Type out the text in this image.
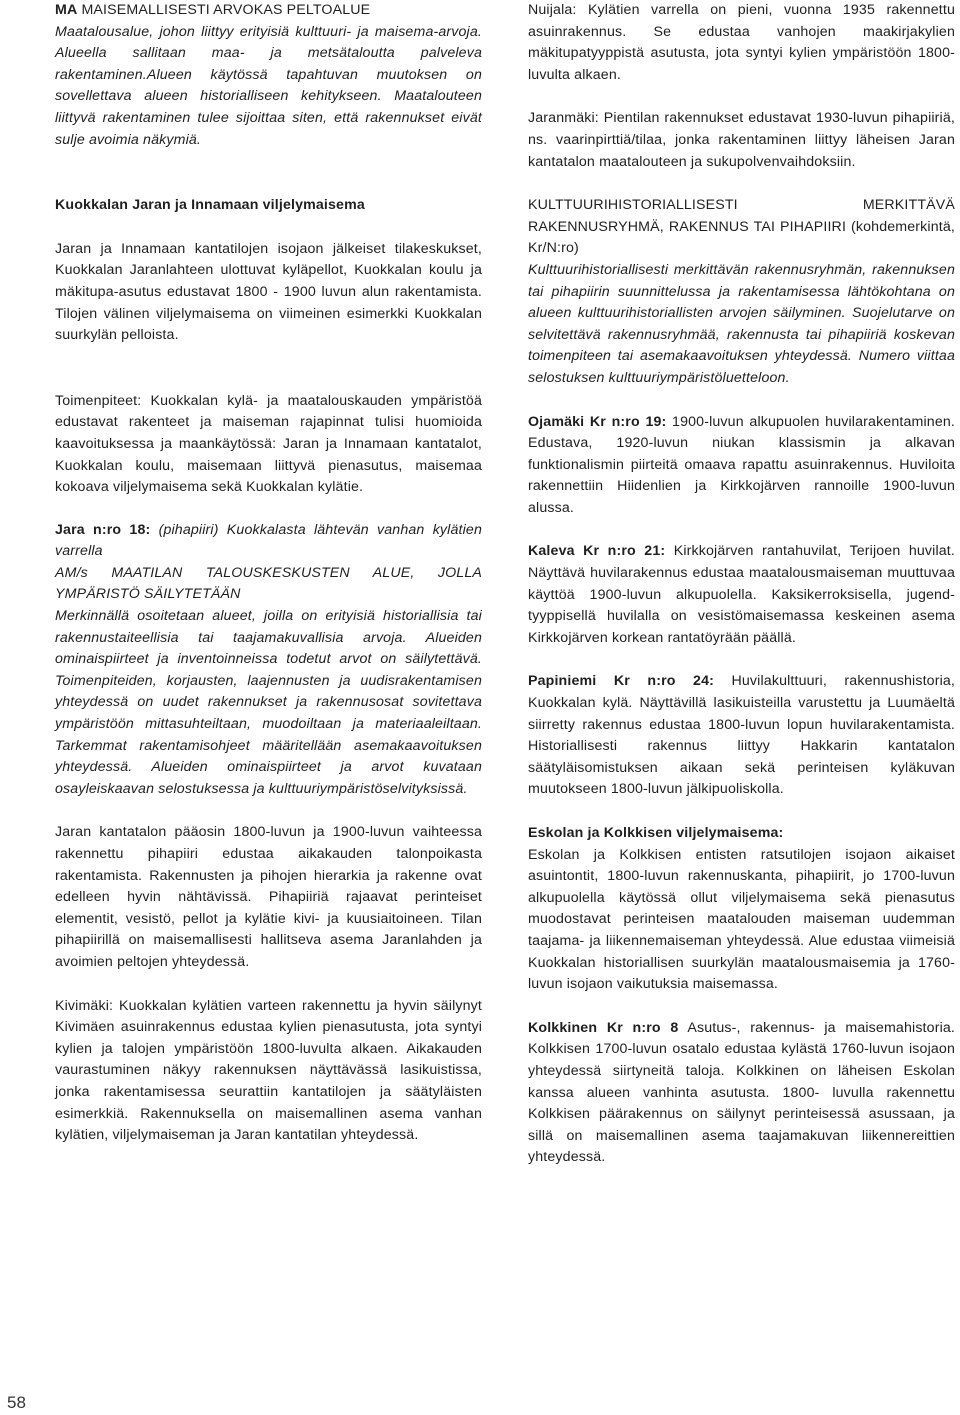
MA MAISEMALLISESTI ARVOKAS PELTOALUE
Maatalousalue, johon liittyy erityisiä kulttuuri- ja maisema-arvoja. Alueella sallitaan maa- ja metsätaloutta palveleva rakentaminen.Alueen käytössä tapahtuvan muutoksen on sovellettava alueen historialliseen kehitykseen. Maatalouteen liittyvä rakentaminen tulee sijoittaa siten, että rakennukset eivät sulje avoimia näkymiä.

Kuokkalan Jaran ja Innamaan viljelymaisema

Jaran ja Innamaan kantatilojen isojaon jälkeiset tilakeskukset, Kuokkalan Jaranlahteen ulottuvat kyläpellot, Kuokkalan koulu ja mäkitupa-asutus edustavat 1800 - 1900 luvun alun rakentamista. Tilojen välinen viljelymaisema on viimeinen esimerkki Kuokkalan suurkylän pelloista.

Toimenpiteet: Kuokkalan kylä- ja maatalouskauden ympäristöä edustavat rakenteet ja maiseman rajapinnat tulisi huomioida kaavoituksessa ja maankäytössä: Jaran ja Innamaan kantatalot, Kuokkalan koulu, maisemaan liittyvä pienasutus, maisemaa kokoava viljelymaisema sekä Kuokkalan kylätie.

Jara n:ro 18: (pihapiiri) Kuokkalasta lähtevän vanhan kylätien varrella
AM/s MAATILAN TALOUSKESKUSTEN ALUE, JOLLA YMPÄRISTÖ SÄILYTETÄÄN
Merkinnällä osoitetaan alueet, joilla on erityisiä historiallisia tai rakennustaiteellisia tai taajamakuvallisia arvoja. Alueiden ominaispiirteet ja inventoinneissa todetut arvot on säilytettävä. Toimenpiteiden, korjausten, laajennusten ja uudisrakentamisen yhteydessä on uudet rakennukset ja rakennusosat sovitettava ympäristöön mittasuhteiltaan, muodoiltaan ja materiaaleiltaan. Tarkemmat rakentamisohjeet määritellään asemakaavoituksen yhteydessä. Alueiden ominaispiirteet ja arvot kuvataan osayleiskaavan selostuksessa ja kulttuuriympäristöselvityksissä.

Jaran kantatalon pääosin 1800-luvun ja 1900-luvun vaihteessa rakennettu pihapiiri edustaa aikakauden talonpoikasta rakentamista. Rakennusten ja pihojen hierarkia ja rakenne ovat edelleen hyvin nähtävissä. Pihapiiriä rajaavat perinteiset elementit, vesistö, pellot ja kylätie kivi- ja kuusiaitoineen. Tilan pihapiirillä on maisemallisesti hallitseva asema Jaranlahden ja avoimien peltojen yhteydessä.

Kivimäki: Kuokkalan kylätien varteen rakennettu ja hyvin säilynyt Kivimäen asuinrakennus edustaa kylien pienasutusta, jota syntyi kylien ja talojen ympäristöön 1800-luvulta alkaen. Aikakauden vaurastuminen näkyy rakennuksen näyttävässä lasikuistissa, jonka rakentamisessa seurattiin kantatilojen ja säätyläisten esimerkkiä. Rakennuksella on maisemallinen asema vanhan kylätien, viljelymaiseman ja Jaran kantatilan yhteydessä.

Nuijala: Kylätien varrella on pieni, vuonna 1935 rakennettu asuinrakennus. Se edustaa vanhojen maakirjakylien mäkitupatyyppistä asutusta, jota syntyi kylien ympäristöön 1800-luvulta alkaen.

Jaranmäki: Pientilan rakennukset edustavat 1930-luvun pihapiiriä, ns. vaarinpirttiä/tilaa, jonka rakentaminen liittyy läheisen Jaran kantatalon maatalouteen ja sukupolvenvaihdoksiin.

KULTTUURIHISTORIALLISESTI MERKITTÄVÄ RAKENNUSRYHMÄ, RAKENNUS TAI PIHAPIIRI (kohdemerkintä, Kr/N:ro)
Kulttuurihistoriallisesti merkittävän rakennusryhmän, rakennuksen tai pihapiirin suunnittelussa ja rakentamisessa lähtökohtana on alueen kulttuurihistoriallisten arvojen säilyminen. Suojelutarve on selvitettävä rakennusryhmää, rakennusta tai pihapiiriä koskevan toimenpiteen tai asemakaavoituksen yhteydessä. Numero viittaa selostuksen kulttuuriympäristöluetteloon.

Ojamäki Kr n:ro 19: 1900-luvun alkupuolen huvilarakentaminen. Edustava, 1920-luvun niukan klassismin ja alkavan funktionalismin piirteitä omaava rapattu asuinrakennus. Huviloita rakennettiin Hiidenlien ja Kirkkojärven rannoille 1900-luvun alussa.

Kaleva Kr n:ro 21: Kirkkojärven rantahuvilat, Terijoen huvilat. Näyttävä huvilarakennus edustaa maatalousmaiseman muuttuvaa käyttöä 1900-luvun alkupuolella. Kaksikerroksisella, jugend-tyyppisellä huvilalla on vesistömaisemassa keskeinen asema Kirkkojärven korkean rantatöyrään päällä.

Papiniemi Kr n:ro 24: Huvilakulttuuri, rakennushistoria, Kuokkalan kylä. Näyttävillä lasikuisteilla varustettu ja Luumäeltä siirretty rakennus edustaa 1800-luvun lopun huvilarakentamista. Historiallisesti rakennus liittyy Hakkarin kantatalon säätyläisomistuksen aikaan sekä perinteisen kyläkuvan muutokseen 1800-luvun jälkipuoliskolla.

Eskolan ja Kolkkisen viljelymaisema:
Eskolan ja Kolkkisen entisten ratsutilojen isojaon aikaiset asuintontit, 1800-luvun rakennuskanta, pihapiirit, jo 1700-luvun alkupuolella käytössä ollut viljelymaisema sekä pienasutus muodostavat perinteisen maatalouden maiseman uudemman taajama- ja liikennemaiseman yhteydessä. Alue edustaa viimeisiä Kuokkalan historiallisen suurkylän maatalousmaisemia ja 1760-luvun isojaon vaikutuksia maisemassa.

Kolkkinen Kr n:ro 8 Asutus-, rakennus- ja maisemahistoria. Kolkkisen 1700-luvun osatalo edustaa kylästä 1760-luvun isojaon yhteydessä siirtyneitä taloja. Kolkkinen on läheisen Eskolan kanssa alueen vanhinta asutusta. 1800- luvulla rakennettu Kolkkisen päärakennus on säilynyt perinteisessä asussaan, ja sillä on maisemallinen asema taajamakuvan liikennereittien yhteydessä.

58
